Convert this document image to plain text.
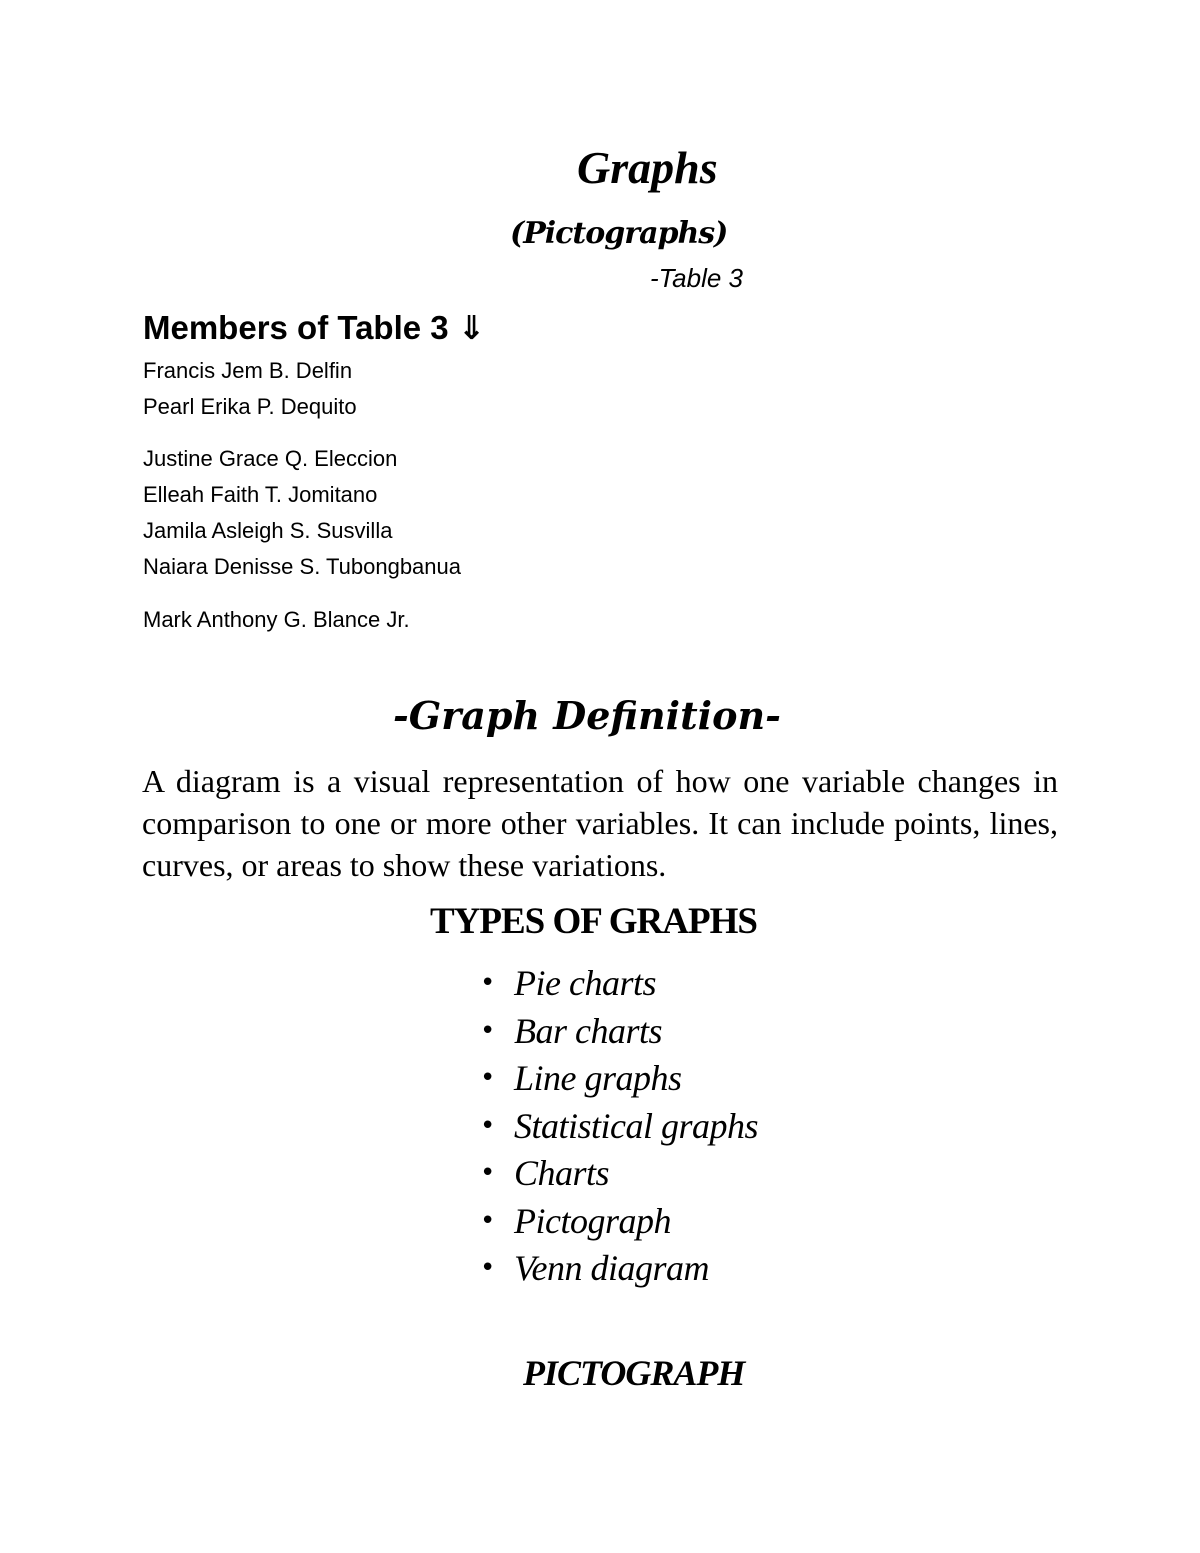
Graphs
(Pictographs)
-Table 3
Members of Table 3 ⇓
Francis Jem B. Delfin
Pearl Erika P. Dequito
Justine Grace Q. Eleccion
Elleah Faith T. Jomitano
Jamila Asleigh S. Susvilla
Naiara Denisse S. Tubongbanua
Mark Anthony G. Blance Jr.
-Graph Definition-

A diagram is a visual representation of how one variable changes in comparison to one or more other variables. It can include points, lines, curves, or areas to show these variations.

TYPES OF GRAPHS
• Pie charts
• Bar charts
• Line graphs
• Statistical graphs
• Charts
• Pictograph
• Venn diagram
PICTOGRAPH
